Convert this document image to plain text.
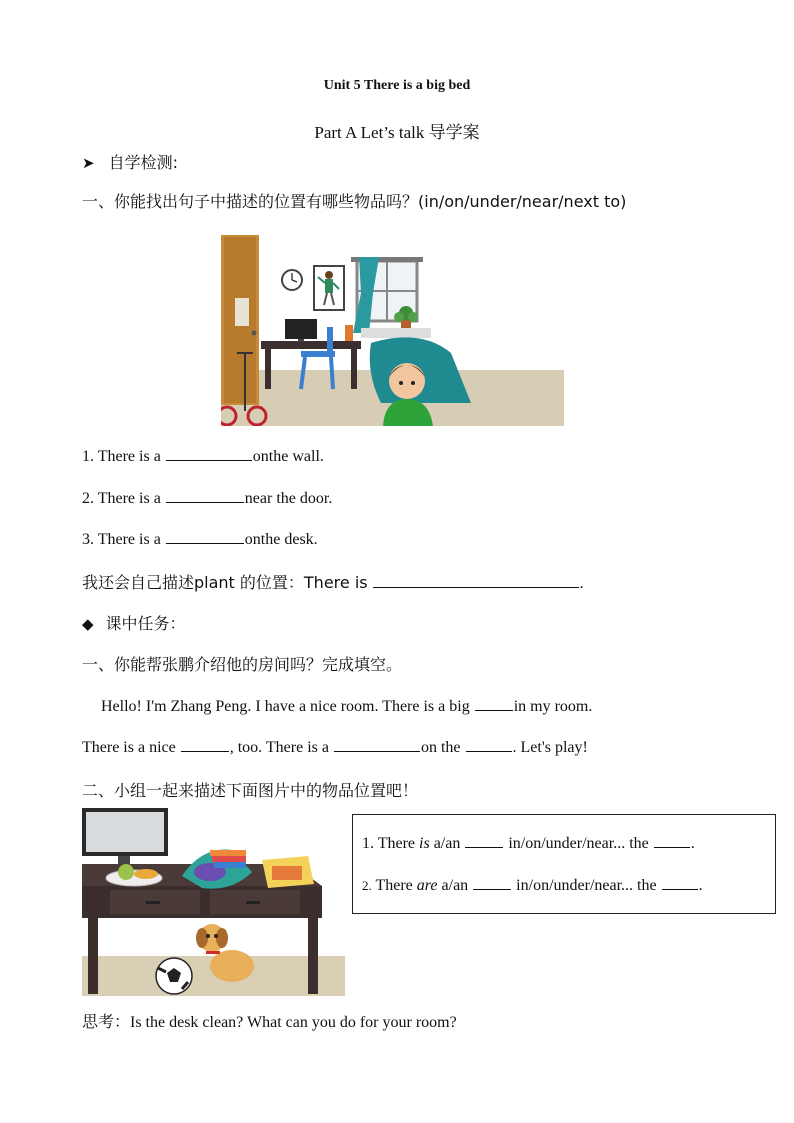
Unit 5 There is a big bed
Part A Let’s talk 导学案
➤ 自学检测:
一、你能找出句子中描述的位置有哪些物品吗？(in/on/under/near/next to)
1. There is a	onthe wall.
2. There is a	near the door.
3. There is a	onthe desk.
我还会自己描述plant 的位置：There is	.
◆ 课中任务：
一、你能帮张鹏介绍他的房间吗？完成填空。
Hello! I'm Zhang Peng. I have a nice room. There is a big	in my room.
There is a nice	, too. There is a	on the	. Let's play!
二、小组一起来描述下面图片中的物品位置吧！
1. There is a/an	in/on/under/near... the	.
2. There are a/an	in/on/under/near... the	.
思考：Is the desk clean? What can you do for your room?
